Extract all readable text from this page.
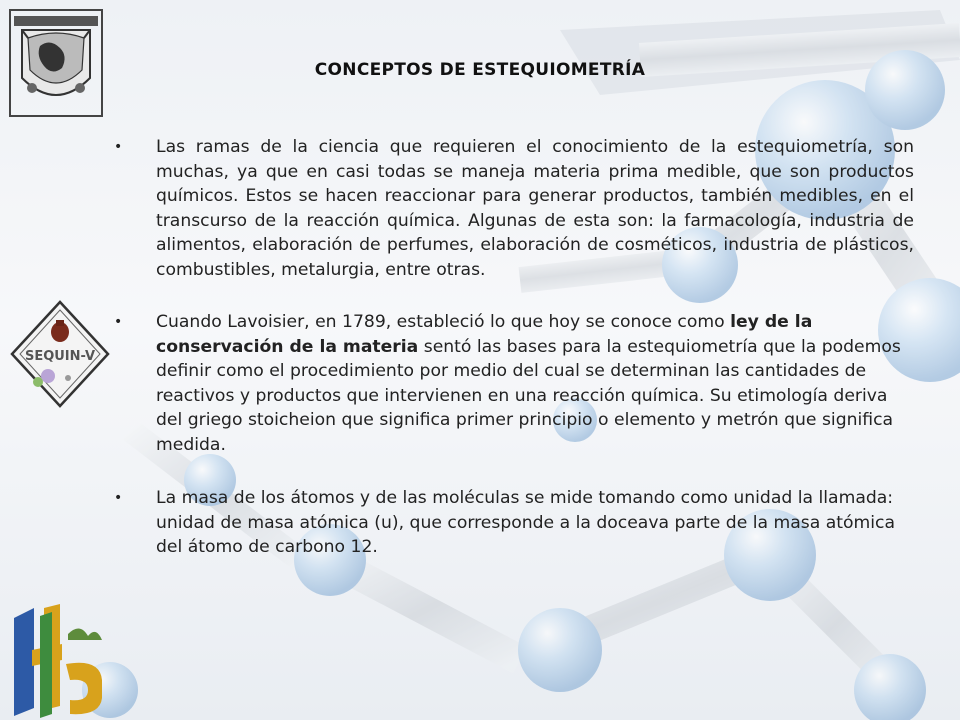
SEQUIN-V
CONCEPTOS DE ESTEQUIOMETRÍA
• Las ramas de la ciencia que requieren el conocimiento de la estequiometría, son muchas, ya que en casi todas se maneja materia prima medible, que son productos químicos. Estos se hacen reaccionar para generar productos, también medibles, en el transcurso de la reacción química. Algunas de esta son: la farmacología, industria de alimentos, elaboración de perfumes, elaboración de cosméticos, industria de plásticos, combustibles, metalurgia, entre otras.
• Cuando Lavoisier, en 1789, estableció lo que hoy se conoce como ley de la conservación de la materia sentó las bases para la estequiometría que la podemos definir como el procedimiento por medio del cual se determinan las cantidades de reactivos y productos que intervienen en una reacción química. Su etimología deriva del griego stoicheion que significa primer principio o elemento y metrón que significa medida.
• La masa de los átomos y de las moléculas se mide tomando como unidad la llamada: unidad de masa atómica (u), que corresponde a la doceava parte de la masa atómica del átomo de carbono 12.
